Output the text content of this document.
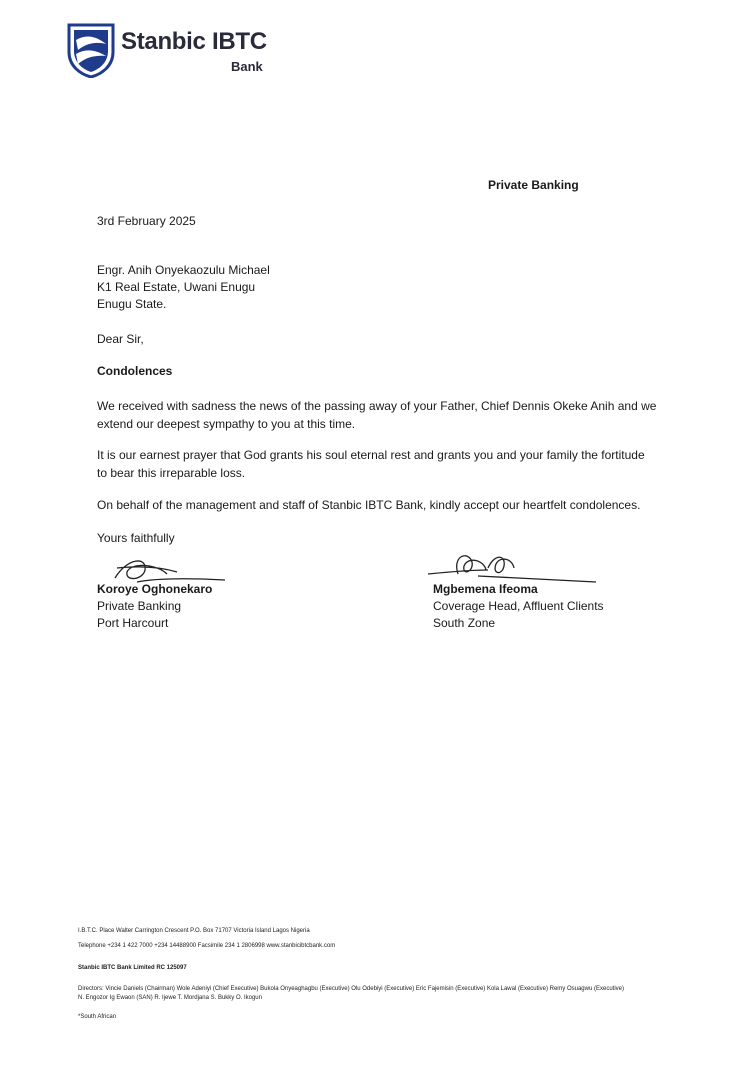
Stanbic IBTC
Bank
Private Banking
3rd February 2025
Engr. Anih Onyekaozulu Michael
K1 Real Estate, Uwani Enugu
Enugu State.
Dear Sir,
Condolences
We received with sadness the news of the passing away of your Father, Chief Dennis Okeke Anih and we extend our deepest sympathy to you at this time.
It is our earnest prayer that God grants his soul eternal rest and grants you and your family the fortitude to bear this irreparable loss.
On behalf of the management and staff of Stanbic IBTC Bank, kindly accept our heartfelt condolences.
Yours faithfully
Koroye Oghonekaro
Private Banking
Port Harcourt
Mgbemena Ifeoma
Coverage Head, Affluent Clients
South Zone
I.B.T.C. Place Walter Carrington Crescent P.O. Box 71707 Victoria Island Lagos Nigeria
Telephone +234 1 422 7000 +234 14488900 Facsimile 234 1 2806998 www.stanbicibtcbank.com
Stanbic IBTC Bank Limited RC 125097
Directors: Vincie Daniels (Chairman) Wole Adeniyi (Chief Executive) Bukola Onyeaghagbu (Executive) Olu Odebiyi (Executive) Eric Fajemisin (Executive) Kola Lawal (Executive) Remy Osuagwu (Executive)
N. Engozor Ig Ewaon (SAN) R. Ijewe T. Mordjana S. Bukky O. Ikogun
*South African
